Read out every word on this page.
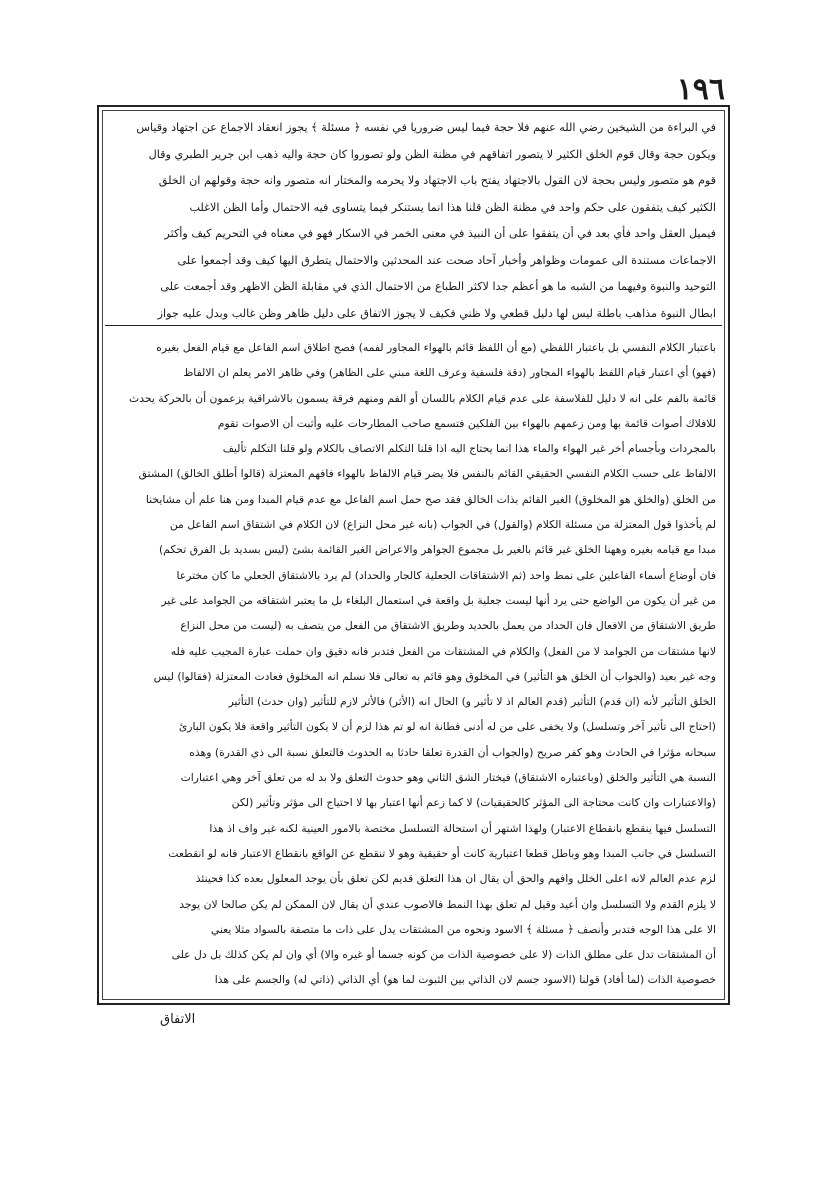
١٩٦
في البراءة من الشيخين رضي الله عنهم فلا حجة فيما ليس ضروريا في نفسه ﴿ مسئلة ﴾ يجوز انعقاد الاجماع عن اجتهاد وقياس
ويكون حجة وقال قوم الخلق الكثير لا يتصور اتفاقهم في مظنة الظن ولو تصوروا كان حجة واليه ذهب ابن جرير الطبري وقال
قوم هو متصور وليس بحجة لان القول بالاجتهاد يفتح باب الاجتهاد ولا يحرمه والمختار انه متصور وانه حجة وقولهم ان الخلق
الكثير كيف يتفقون على حكم واحد في مظنة الظن قلنا هذا انما يستنكر فيما يتساوى فيه الاحتمال وأما الظن الاغلب
فيميل العقل واحد فأي بعد في أن يتفقوا على أن النبيذ في معنى الخمر في الاسكار فهو في معناه في التحريم كيف وأكثر
الاجماعات مستندة الى عمومات وظواهر وأخبار آحاد صحت عند المحدثين والاحتمال يتطرق اليها كيف وقد أجمعوا على
التوحيد والنبوة وفيهما من الشبه ما هو أعظم جدا لاكثر الطباع من الاحتمال الذي في مقابلة الظن الاظهر وقد أجمعت على
ابطال النبوة مذاهب باطلة ليس لها دليل قطعي ولا ظني فكيف لا يجوز الاتفاق على دليل ظاهر وظن غالب وبدل عليه جواز
باعتبار الكلام النفسي بل باعتبار اللفظي (مع أن اللفظ قائم بالهواء المجاور لفمه) فصح اطلاق اسم الفاعل مع قيام الفعل بغيره
(فهو) أي اعتبار قيام اللفظ بالهواء المجاور (دقة فلسفية وعرف اللغة مبني على الظاهر) وفي ظاهر الامر يعلم ان الالفاظ
قائمة بالفم على انه لا دليل للفلاسفة على عدم قيام الكلام باللسان أو الفم ومنهم فرقة يسمون بالاشراقية يزعمون أن بالحركة يحدث
للافلاك أصوات قائمة بها ومن زعمهم بالهواء بين الفلكين فتسمع صاحب المطارحات عليه وأثبت أن الاصوات تقوم
بالمجردات وبأجسام أخر غير الهواء والماء هذا انما يحتاج اليه اذا قلنا التكلم الاتصاف بالكلام ولو قلنا التكلم تأليف
الالفاظ على حسب الكلام النفسي الحقيقي القائم بالنفس فلا يضر قيام الالفاظ بالهواء فافهم المعتزلة (قالوا أطلق الخالق) المشتق
من الخلق (والخلق هو المخلوق) الغير القائم بذات الخالق فقد صح حمل اسم الفاعل مع عدم قيام المبدا ومن هنا علم أن مشايخنا
لم يأخذوا قول المعتزلة من مسئلة الكلام (والقول) في الجواب (بانه غير محل النزاع) لان الكلام في اشتقاق اسم الفاعل من
مبدا مع قيامه بغيره وههنا الخلق غير قائم بالغير بل مجموع الجواهر والاعراض الغير القائمة بشئ (ليس بسديد بل الفرق تحكم)
فان أوضاع أسماء الفاعلين على نمط واحد (ثم الاشتقاقات الجعلية كالجار والحداد) لم يرد بالاشتقاق الجعلي ما كان مخترعا
من غير أن يكون من الواضع حتى يرد أنها ليست جعلية بل واقعة في استعمال البلغاء بل ما يعتبر اشتقاقه من الجوامد على غير
طريق الاشتقاق من الافعال فان الحداد من يعمل بالحديد وطريق الاشتقاق من الفعل من يتصف به (ليست من محل النزاع
لانها مشتقات من الجوامد لا من الفعل) والكلام في المشتقات من الفعل فتدبر فانه دقيق وان حملت عبارة المجيب عليه فله
وجه غير بعيد (والجواب أن الخلق هو التأثير) في المخلوق وهو قائم به تعالى فلا نسلم انه المخلوق فعادت المعتزلة (فقالوا) ليس
الخلق التأثير لأنه (ان قدم) التأثير (قدم العالم اذ لا تأثير و) الحال انه (الأثر) فالأثر لازم للتأثير (وان حدث) التأثير
(احتاج الى تأثير آخر وتسلسل) ولا يخفى على من له أدنى فطانة انه لو تم هذا لزم أن لا يكون التأثير واقعة فلا يكون البارئ
سبحانه مؤثرا في الحادث وهو كفر صريح (والجواب أن القدرة تعلقا حادثا به الحدوث فالتعلق نسبة الى ذي القدرة) وهذه
النسبة هي التأثير والخلق (وباعتباره الاشتقاق) فيختار الشق الثاني وهو حدوث التعلق ولا بد له من تعلق آخر وهي اعتبارات
(والاعتبارات وان كانت محتاجة الى المؤثر كالحقيقيات) لا كما زعم أنها اعتبار بها لا احتياج الى مؤثر وتأثير (لكن
التسلسل فيها ينقطع بانقطاع الاعتبار) ولهذا اشتهر أن استحالة التسلسل مختصة بالامور العينية لكنه غير واف اذ هذا
التسلسل في جانب المبدا وهو وباطل قطعا اعتبارية كانت أو حقيقية وهو لا تنقطع عن الواقع بانقطاع الاعتبار فانه لو انقطعت
لزم عدم العالم لانه اعلى الخلل وافهم والحق أن يقال ان هذا التعلق قديم لكن تعلق بأن يوجد المعلول بعده كذا فحينئذ
لا يلزم القدم ولا التسلسل وان أعيد وقيل لم تعلق بهذا النمط فالاصوب عندي أن يقال لان الممكن لم يكن صالحا لان يوجد
الا على هذا الوجه فتدبر وأنصف ﴿ مسئلة ﴾ الاسود ونحوه من المشتقات يدل على ذات ما متصفة بالسواد مثلا يعني
أن المشتقات تدل على مطلق الذات (لا على خصوصية الذات من كونه جسما أو غيره والا) أي وان لم يكن كذلك بل دل على
خصوصية الذات (لما أفاد) قولنا (الاسود جسم لان الذاتي بين الثبوت لما هو) أي الذاتي (ذاتي له) والجسم على هذا
الاتفاق
